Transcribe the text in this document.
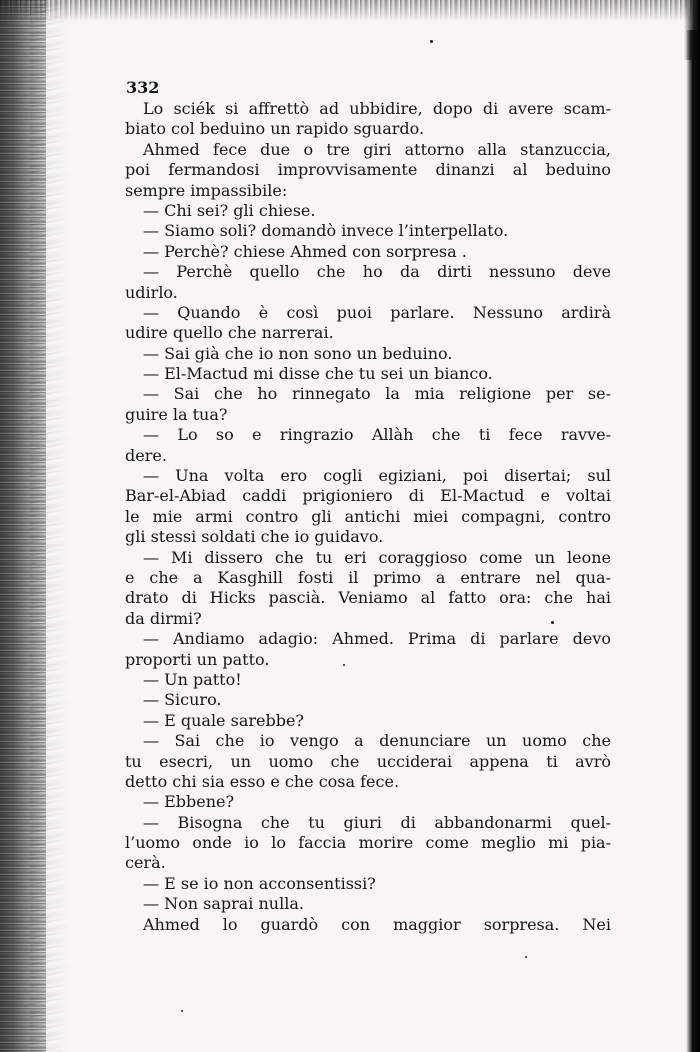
332
Lo sciék si affrettò ad ubbidire, dopo di avere scam-
biato col beduino un rapido sguardo.
Ahmed fece due o tre giri attorno alla stanzuccia,
poi fermandosi improvvisamente dinanzi al beduino
sempre impassibile:
— Chi sei? gli chiese.
— Siamo soli? domandò invece l’interpellato.
— Perchè? chiese Ahmed con sorpresa .
— Perchè quello che ho da dirti nessuno deve
udirlo.
— Quando è così puoi parlare. Nessuno ardirà
udire quello che narrerai.
— Sai già che io non sono un beduino.
— El-Mactud mi disse che tu sei un bianco.
— Sai che ho rinnegato la mia religione per se-
guire la tua?
— Lo so e ringrazio Allàh che ti fece ravve-
dere.
— Una volta ero cogli egiziani, poi disertai; sul
Bar-el-Abiad caddi prigioniero di El-Mactud e voltai
le mie armi contro gli antichi miei compagni, contro
gli stessi soldati che io guidavo.
— Mi dissero che tu eri coraggioso come un leone
e che a Kasghill fosti il primo a entrare nel qua-
drato di Hicks pascià. Veniamo al fatto ora: che hai
da dirmi?
— Andiamo adagio: Ahmed. Prima di parlare devo
proporti un patto.
— Un patto!
— Sicuro.
— E quale sarebbe?
— Sai che io vengo a denunciare un uomo che
tu esecri, un uomo che ucciderai appena ti avrò
detto chi sia esso e che cosa fece.
— Ebbene?
— Bisogna che tu giuri di abbandonarmi quel-
l’uomo onde io lo faccia morire come meglio mi pia-
cerà.
— E se io non acconsentissi?
— Non saprai nulla.
Ahmed lo guardò con maggior sorpresa. Nei
